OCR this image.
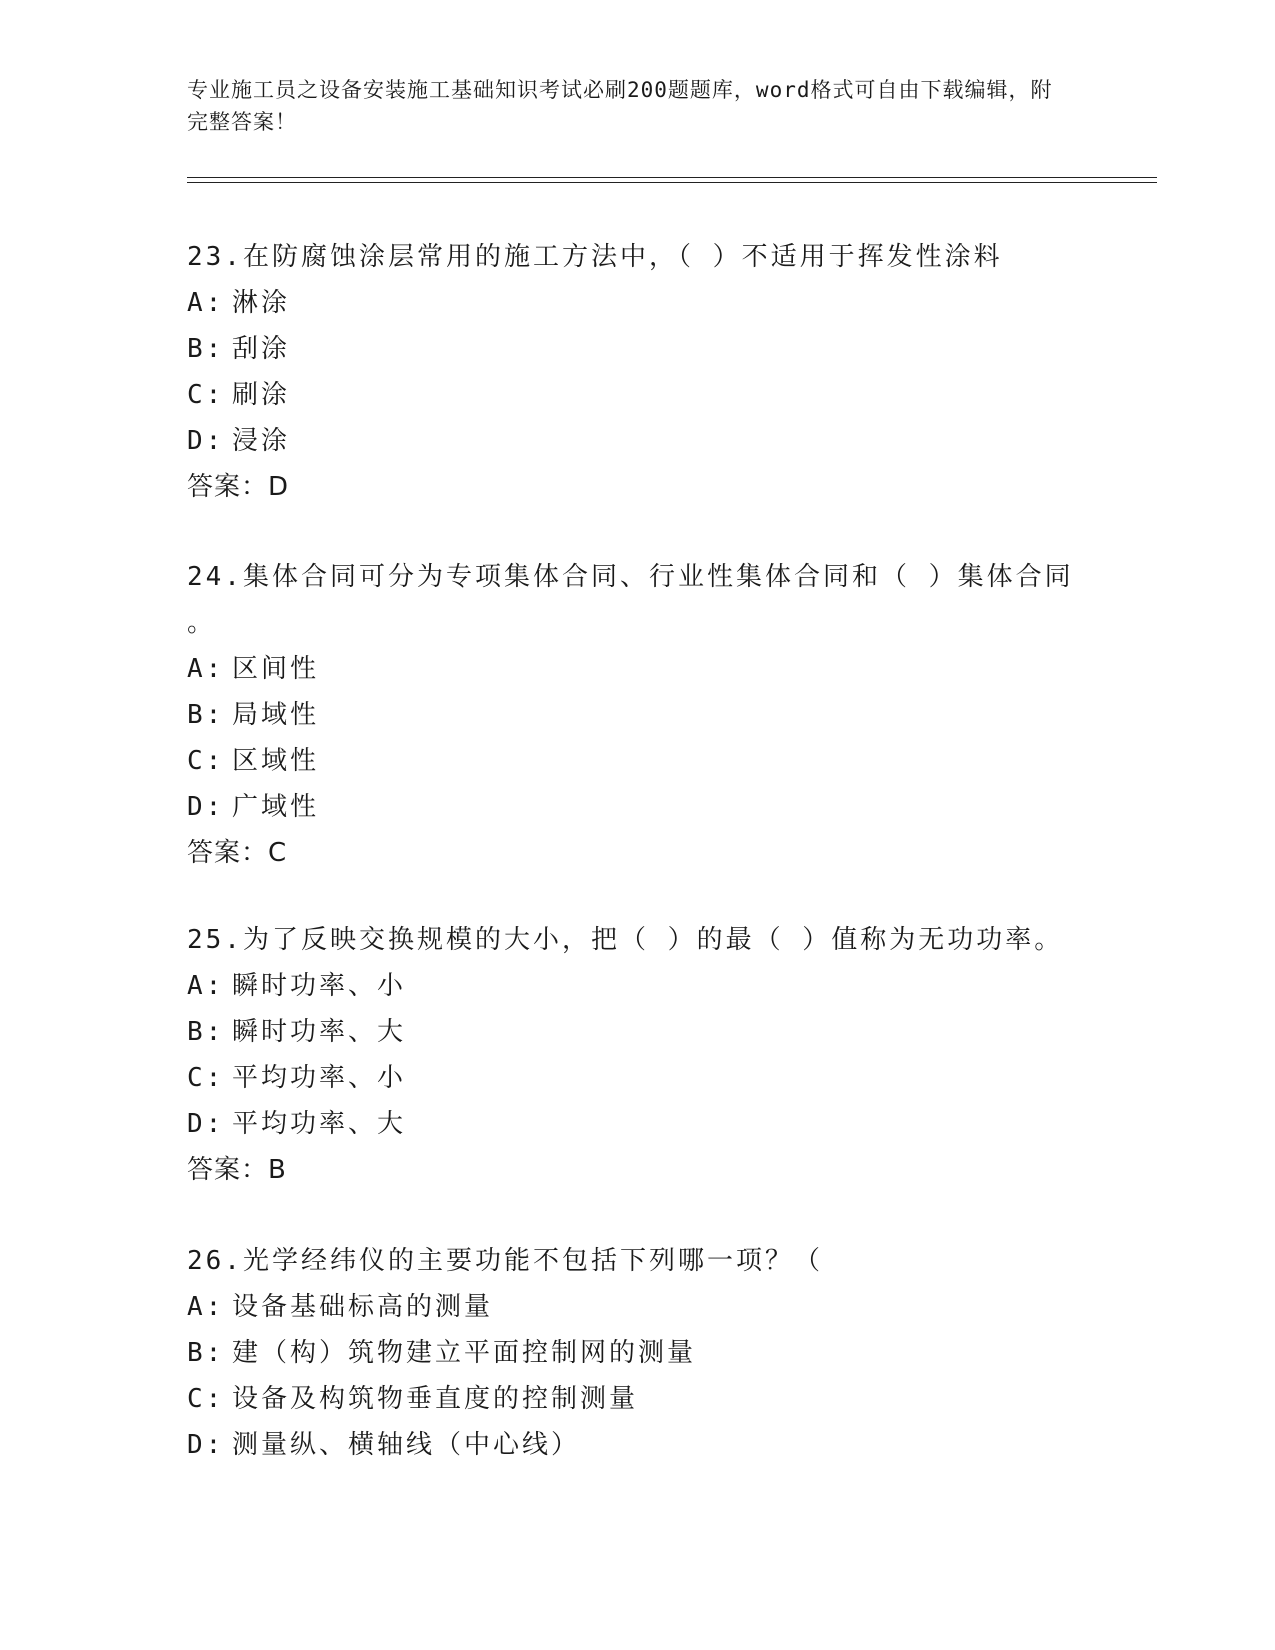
专业施工员之设备安装施工基础知识考试必刷200题题库，word格式可自由下载编辑，附完整答案！
23.在防腐蚀涂层常用的施工方法中，（ ）不适用于挥发性涂料
A: 淋涂
B: 刮涂
C: 刷涂
D: 浸涂
答案：D
24.集体合同可分为专项集体合同、行业性集体合同和（ ）集体合同
。
A: 区间性
B: 局域性
C: 区域性
D: 广域性
答案：C
25.为了反映交换规模的大小，把（ ）的最（ ）值称为无功功率。
A: 瞬时功率、小
B: 瞬时功率、大
C: 平均功率、小
D: 平均功率、大
答案：B
26.光学经纬仪的主要功能不包括下列哪一项？（
A: 设备基础标高的测量
B: 建（构）筑物建立平面控制网的测量
C: 设备及构筑物垂直度的控制测量
D: 测量纵、横轴线（中心线）
